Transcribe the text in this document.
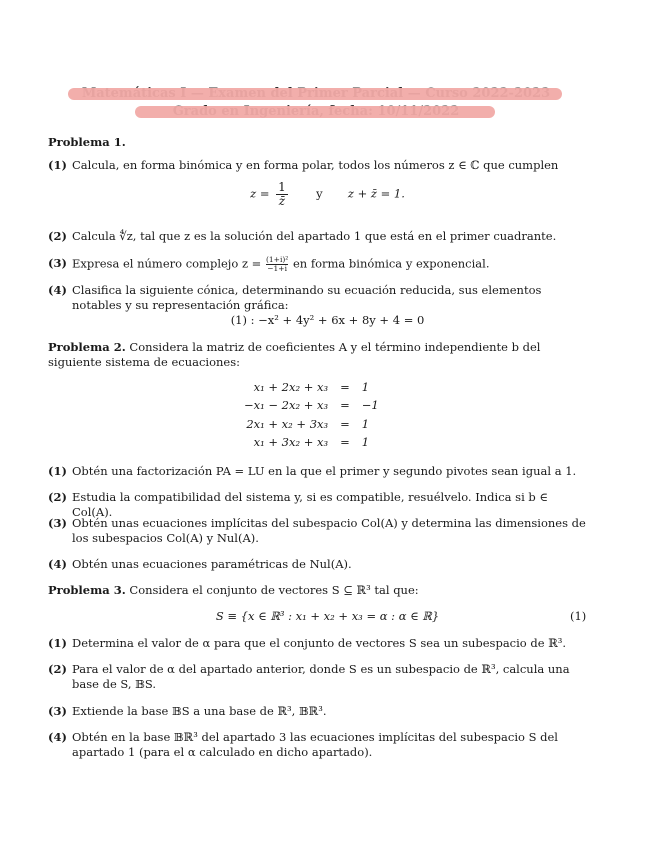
Problema 1.
(1) Calcula, en forma binómica y en forma polar, todos los números z ∈ ℂ que cumplen
$z = \frac{1}{z̄}$ y z + z̄ = 1.
(2) Calcula ∜z, tal que z es la solución del apartado 1 que está en el primer cuadrante.
(3) Expresa el número complejo $z = \frac{\text{(1+i)²}}{-1+i}$ en forma binómica y exponencial.
(4) Clasifica la siguiente cónica, determinando su ecuación reducida, sus elementos notables y su representación gráfica:
(1) : −x² + 4y² + 6x + 8y + 4 = 0
Problema 2. Considera la matriz de coeficientes A y el término independiente b del siguiente sistema de ecuaciones:
x₁ + 2x₂ + x₃	=	1
−x₁ − 2x₂ + x₃	=	−1
2x₁ + x₂ + 3x₃	=	1
x₁ + 3x₂ + x₃	=	1
(1) Obtén una factorización PA = LU en la que el primer y segundo pivotes sean igual a 1.
(2) Estudia la compatibilidad del sistema y, si es compatible, resuélvelo. Indica si b ∈ Col(A).
(3) Obtén unas ecuaciones implícitas del subespacio Col(A) y determina las dimensiones de los subespacios Col(A) y Nul(A).
(4) Obtén unas ecuaciones paramétricas de Nul(A).
Problema 3. Considera el conjunto de vectores S ⊆ ℝ³ tal que:
S ≡ {x ∈ ℝ³ : x₁ + x₂ + x₃ = α : α ∈ ℝ}	(1)
(1) Determina el valor de α para que el conjunto de vectores S sea un subespacio de ℝ³.
(2) Para el valor de α del apartado anterior, donde S es un subespacio de ℝ³, calcula una base de S, 𝔹S.
(3) Extiende la base 𝔹S a una base de ℝ³, 𝔹ℝ³.
(4) Obtén en la base 𝔹ℝ³ del apartado 3 las ecuaciones implícitas del subespacio S del apartado 1 (para el α calculado en dicho apartado).
